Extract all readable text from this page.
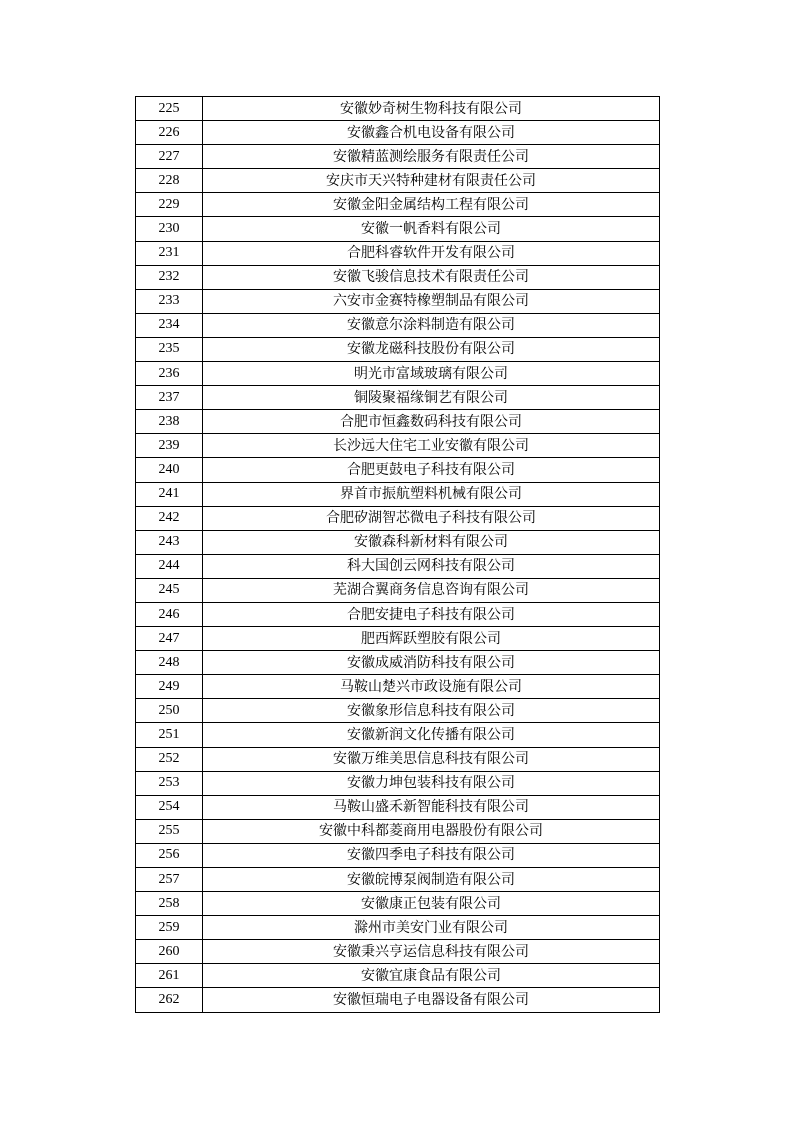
225	安徽妙奇树生物科技有限公司
226	安徽鑫合机电设备有限公司
227	安徽精蓝测绘服务有限责任公司
228	安庆市天兴特种建材有限责任公司
229	安徽金阳金属结构工程有限公司
230	安徽一帆香料有限公司
231	合肥科睿软件开发有限公司
232	安徽飞骏信息技术有限责任公司
233	六安市金赛特橡塑制品有限公司
234	安徽意尔涂料制造有限公司
235	安徽龙磁科技股份有限公司
236	明光市富域玻璃有限公司
237	铜陵聚福缘铜艺有限公司
238	合肥市恒鑫数码科技有限公司
239	长沙远大住宅工业安徽有限公司
240	合肥更鼓电子科技有限公司
241	界首市振航塑料机械有限公司
242	合肥矽湖智芯微电子科技有限公司
243	安徽森科新材料有限公司
244	科大国创云网科技有限公司
245	芜湖合翼商务信息咨询有限公司
246	合肥安捷电子科技有限公司
247	肥西辉跃塑胶有限公司
248	安徽成威消防科技有限公司
249	马鞍山楚兴市政设施有限公司
250	安徽象形信息科技有限公司
251	安徽新润文化传播有限公司
252	安徽万维美思信息科技有限公司
253	安徽力坤包装科技有限公司
254	马鞍山盛禾新智能科技有限公司
255	安徽中科都菱商用电器股份有限公司
256	安徽四季电子科技有限公司
257	安徽皖博泵阀制造有限公司
258	安徽康正包装有限公司
259	滁州市美安门业有限公司
260	安徽秉兴亨运信息科技有限公司
261	安徽宜康食品有限公司
262	安徽恒瑞电子电器设备有限公司
